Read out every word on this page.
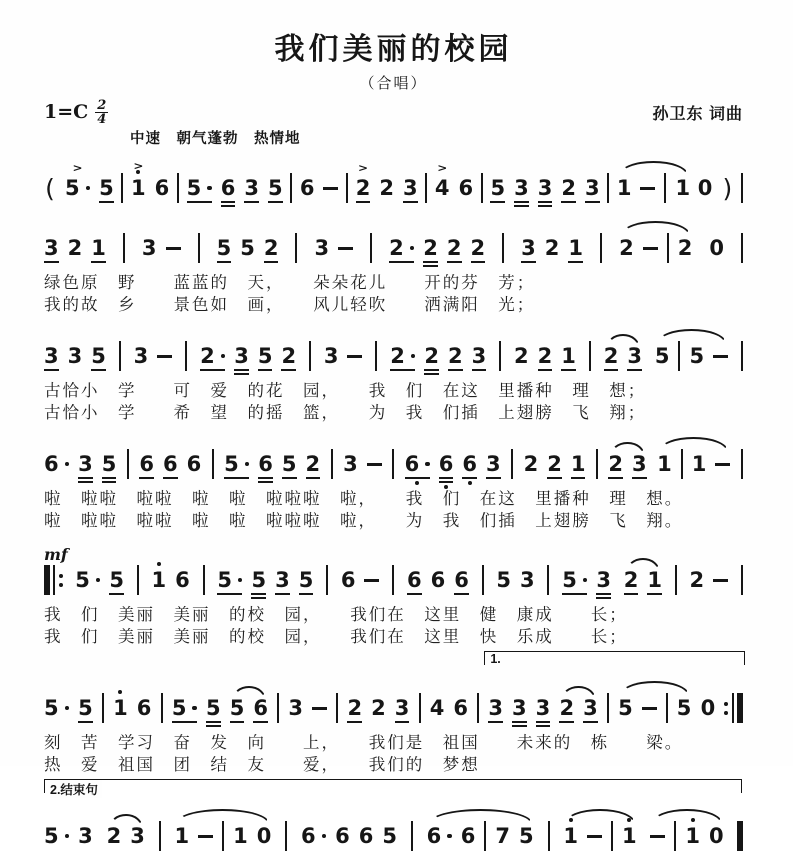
我们美丽的校园
（合唱）
$1=C \frac{2}{4}$	孙卫东 词曲
中速　朝气蓬勃　热情地
( 5
>
5 1
>
6 5 6 3 5 6 2
>
2 3 4
>
6 5 3 3 2 3 1 1 0 )
3 2 1 3	5 5 2 3	2 2 2 2 3 2 1 2 2 0
绿色原　野　　蓝蓝的　天，　　朵朵花儿　　开的芬　芳；
我的故　乡　　景色如　画，　　风儿轻吹　　洒满阳　光；
3 3 5 3 2 3 5 2 3 2 2 2 3 2 2 1 2 3 5 5
古恰小　学　　可　爱　的花　园，　　我　们　在这　里播种　理　想；
古恰小　学　　希　望　的摇　篮，　　为　我　们插　上翅膀　飞　翔；
6 3 5 6 6 6 5 6 5 2 3 6 6 6 3 2 2 1 2 3 1 1
啦　啦啦　啦啦　啦　啦　啦啦啦　啦，　　我　们　在这　里播种　理　想。
啦　啦啦　啦啦　啦　啦　啦啦啦　啦，　　为　我　们插　上翅膀　飞　翔。
mf
5 5 1 6 5 5 3 5 6 6 6 6 5 3 5 3 2 1 2
我　们　美丽　美丽　的校　园，　　我们在　这里　健　康成　　长；
我　们　美丽　美丽　的校　园，　　我们在　这里　快　乐成　　长；
1.
5 5 1 6 5 5 5 6 3 2 2 3 4 6 3 3 3 2 3 5 5 0
刻　苦　学习　奋　发　向　　上，　　我们是　祖国　　未来的　栋　　梁。
热　爱　祖国　团　结　友　　爱，　　我们的　梦想
2.结束句
5 3 2 3 1 1 0 6 6 6 5 6 6 7 5 1 1 1 0
